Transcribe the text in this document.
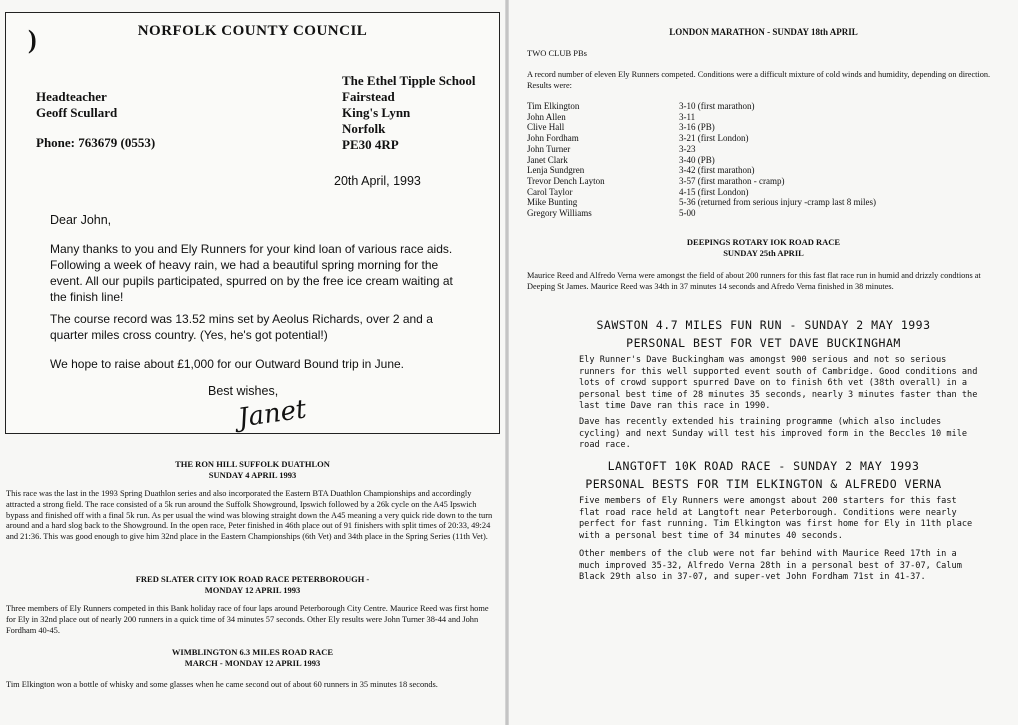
)	NORFOLK COUNTY COUNCIL
Headteacher
Geoff Scullard
Phone: 763679 (0553)
The Ethel Tipple School
Fairstead
King's Lynn
Norfolk
PE30 4RP
20th April, 1993
Dear John,
Many thanks to you and Ely Runners for your kind loan of various race aids. Following a week of heavy rain, we had a beautiful spring morning for the event. All our pupils participated, spurred on by the free ice cream waiting at the finish line!
The course record was 13.52 mins set by Aeolus Richards, over 2 and a quarter miles cross country. (Yes, he's got potential!)
We hope to raise about £1,000 for our Outward Bound trip in June.
Best wishes,
Janet
THE RON HILL SUFFOLK DUATHLON
SUNDAY 4 APRIL 1993
This race was the last in the 1993 Spring Duathlon series and also incorporated the Eastern BTA Duathlon Championships and accordingly attracted a strong field. The race consisted of a 5k run around the Suffolk Showground, Ipswich followed by a 26k cycle on the A45 Ipswich bypass and finished off with a final 5k run. As per usual the wind was blowing straight down the A45 meaning a very quick ride down to the turn around and a hard slog back to the Showground. In the open race, Peter finished in 46th place out of 91 finishers with split times of 20:33, 49:24 and 21:36. This was good enough to give him 32nd place in the Eastern Championships (6th Vet) and 34th place in the Spring Series (11th Vet).
FRED SLATER CITY IOK ROAD RACE PETERBOROUGH -
MONDAY 12 APRIL 1993
Three members of Ely Runners competed in this Bank holiday race of four laps around Peterborough City Centre. Maurice Reed was first home for Ely in 32nd place out of nearly 200 runners in a quick time of 34 minutes 57 seconds. Other Ely results were John Turner 38-44 and John Fordham 40-45.
WIMBLINGTON 6.3 MILES ROAD RACE
MARCH - MONDAY 12 APRIL 1993
Tim Elkington won a bottle of whisky and some glasses when he came second out of about 60 runners in 35 minutes 18 seconds.
LONDON MARATHON - SUNDAY 18th APRIL
TWO CLUB PBs
A record number of eleven Ely Runners competed. Conditions were a difficult mixture of cold winds and humidity, depending on direction. Results were:
Tim Elkington	3-10 (first marathon)
John Allen	3-11
Clive Hall	3-16 (PB)
John Fordham	3-21 (first London)
John Turner	3-23
Janet Clark	3-40 (PB)
Lenja Sundgren	3-42 (first marathon)
Trevor Dench Layton	3-57 (first marathon - cramp)
Carol Taylor	4-15 (first London)
Mike Bunting	5-36 (returned from serious injury -cramp last 8 miles)
Gregory Williams	5-00
DEEPINGS ROTARY IOK ROAD RACE
SUNDAY 25th APRIL
Maurice Reed and Alfredo Verna were amongst the field of about 200 runners for this fast flat race run in humid and drizzly condtions at Deeping St James. Maurice Reed was 34th in 37 minutes 14 seconds and Afredo Verna finished in 38 minutes.
SAWSTON 4.7 MILES FUN RUN - SUNDAY 2 MAY 1993
PERSONAL BEST FOR VET DAVE BUCKINGHAM
Ely Runner's Dave Buckingham was amongst 900 serious and not so serious runners for this well supported event south of Cambridge. Good conditions and lots of crowd support spurred Dave on to finish 6th vet (38th overall) in a personal best time of 28 minutes 35 seconds, nearly 3 minutes faster than the last time Dave ran this race in 1990.
Dave has recently extended his training programme (which also includes cycling) and next Sunday will test his improved form in the Beccles 10 mile road race.
LANGTOFT 10K ROAD RACE - SUNDAY 2 MAY 1993
PERSONAL BESTS FOR TIM ELKINGTON & ALFREDO VERNA
Five members of Ely Runners were amongst about 200 starters for this fast flat road race held at Langtoft near Peterborough. Conditions were nearly perfect for fast running. Tim Elkington was first home for Ely in 11th place with a personal best time of 34 minutes 40 seconds.
Other members of the club were not far behind with Maurice Reed 17th in a much improved 35-32, Alfredo Verna 28th in a personal best of 37-07, Calum Black 29th also in 37-07, and super-vet John Fordham 71st in 41-37.
